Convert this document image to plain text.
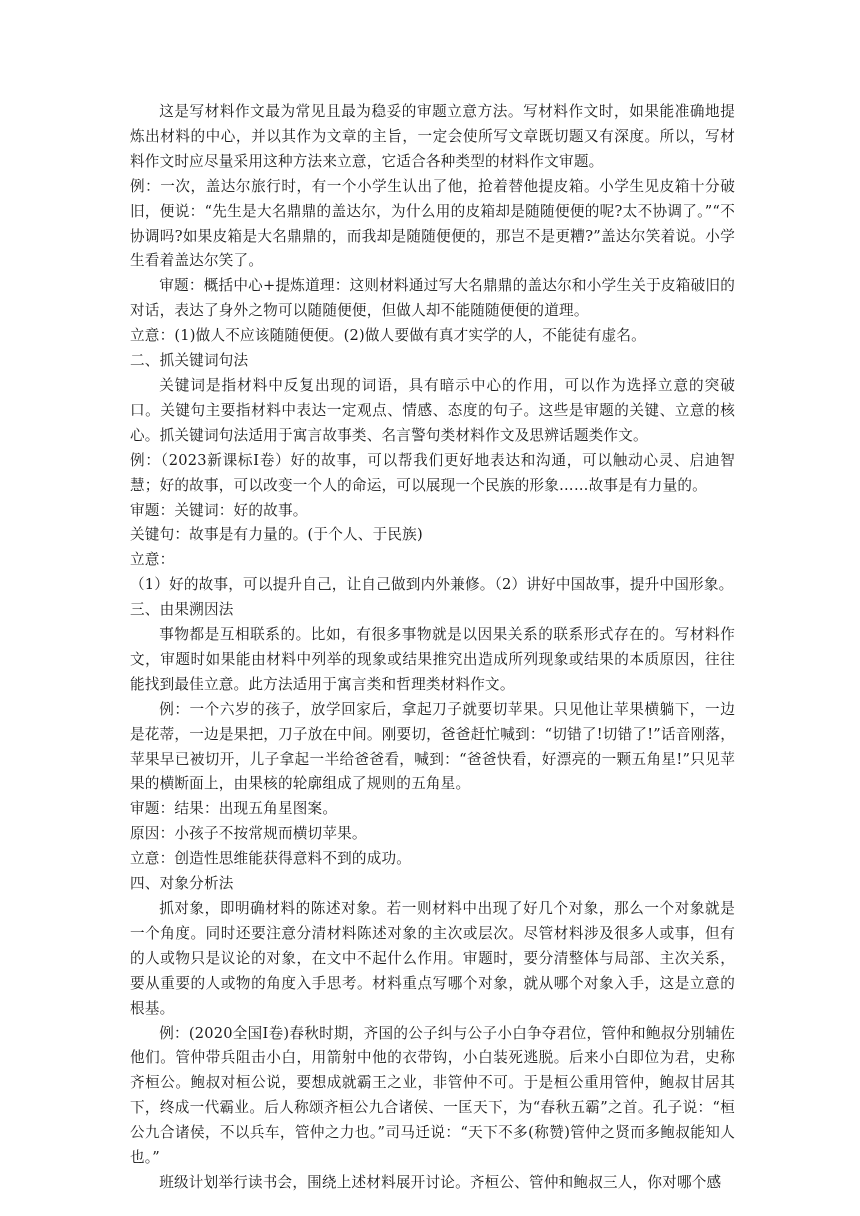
这是写材料作文最为常见且最为稳妥的审题立意方法。写材料作文时，如果能准确地提炼出材料的中心，并以其作为文章的主旨，一定会使所写文章既切题又有深度。所以，写材料作文时应尽量采用这种方法来立意，它适合各种类型的材料作文审题。

例：一次，盖达尔旅行时，有一个小学生认出了他，抢着替他提皮箱。小学生见皮箱十分破旧，便说：“先生是大名鼎鼎的盖达尔，为什么用的皮箱却是随随便便的呢?太不协调了。”“不协调吗?如果皮箱是大名鼎鼎的，而我却是随随便便的，那岂不是更糟?”盖达尔笑着说。小学生看着盖达尔笑了。

审题：概括中心+提炼道理：这则材料通过写大名鼎鼎的盖达尔和小学生关于皮箱破旧的对话，表达了身外之物可以随随便便，但做人却不能随随便便的道理。

立意：(1)做人不应该随随便便。(2)做人要做有真才实学的人，不能徒有虚名。

二、抓关键词句法

关键词是指材料中反复出现的词语，具有暗示中心的作用，可以作为选择立意的突破口。关键句主要指材料中表达一定观点、情感、态度的句子。这些是审题的关键、立意的核心。抓关键词句法适用于寓言故事类、名言警句类材料作文及思辨话题类作文。

例：（2023新课标Ⅰ卷）好的故事，可以帮我们更好地表达和沟通，可以触动心灵、启迪智慧；好的故事，可以改变一个人的命运，可以展现一个民族的形象……故事是有力量的。

审题：关键词：好的故事。

关键句：故事是有力量的。(于个人、于民族)

立意：

（1）好的故事，可以提升自己，让自己做到内外兼修。（2）讲好中国故事，提升中国形象。

三、由果溯因法

事物都是互相联系的。比如，有很多事物就是以因果关系的联系形式存在的。写材料作文，审题时如果能由材料中列举的现象或结果推究出造成所列现象或结果的本质原因，往往能找到最佳立意。此方法适用于寓言类和哲理类材料作文。

例：一个六岁的孩子，放学回家后，拿起刀子就要切苹果。只见他让苹果横躺下，一边是花蒂，一边是果把，刀子放在中间。刚要切，爸爸赶忙喊到：“切错了!切错了!”话音刚落，苹果早已被切开，儿子拿起一半给爸爸看，喊到：“爸爸快看，好漂亮的一颗五角星!”只见苹果的横断面上，由果核的轮廓组成了规则的五角星。

审题：结果：出现五角星图案。

原因：小孩子不按常规而横切苹果。

立意：创造性思维能获得意料不到的成功。

四、对象分析法

抓对象，即明确材料的陈述对象。若一则材料中出现了好几个对象，那么一个对象就是一个角度。同时还要注意分清材料陈述对象的主次或层次。尽管材料涉及很多人或事，但有的人或物只是议论的对象，在文中不起什么作用。审题时，要分清整体与局部、主次关系，要从重要的人或物的角度入手思考。材料重点写哪个对象，就从哪个对象入手，这是立意的根基。

例：(2020全国Ⅰ卷)春秋时期，齐国的公子纠与公子小白争夺君位，管仲和鲍叔分别辅佐他们。管仲带兵阻击小白，用箭射中他的衣带钩，小白装死逃脱。后来小白即位为君，史称齐桓公。鲍叔对桓公说，要想成就霸王之业，非管仲不可。于是桓公重用管仲，鲍叔甘居其下，终成一代霸业。后人称颂齐桓公九合诸侯、一匡天下，为“春秋五霸”之首。孔子说：“桓公九合诸侯，不以兵车，管仲之力也。”司马迁说：“天下不多(称赞)管仲之贤而多鲍叔能知人也。”

班级计划举行读书会，围绕上述材料展开讨论。齐桓公、管仲和鲍叔三人，你对哪个感
